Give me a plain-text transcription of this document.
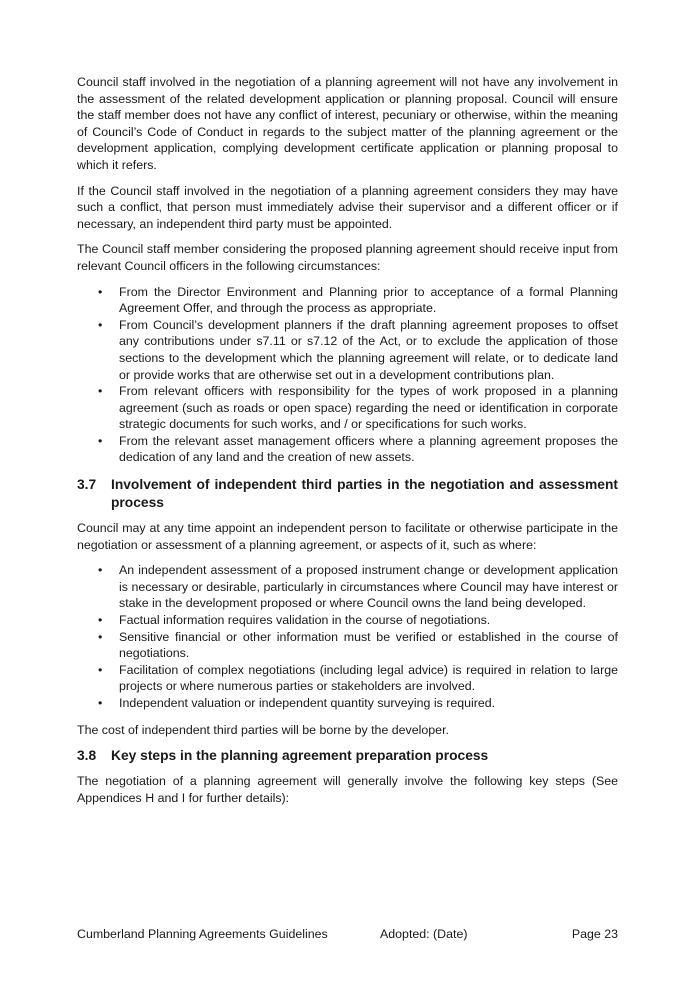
Council staff involved in the negotiation of a planning agreement will not have any involvement in the assessment of the related development application or planning proposal. Council will ensure the staff member does not have any conflict of interest, pecuniary or otherwise, within the meaning of Council’s Code of Conduct in regards to the subject matter of the planning agreement or the development application, complying development certificate application or planning proposal to which it refers.

If the Council staff involved in the negotiation of a planning agreement considers they may have such a conflict, that person must immediately advise their supervisor and a different officer or if necessary, an independent third party must be appointed.

The Council staff member considering the proposed planning agreement should receive input from relevant Council officers in the following circumstances:

• From the Director Environment and Planning prior to acceptance of a formal Planning Agreement Offer, and through the process as appropriate.
• From Council’s development planners if the draft planning agreement proposes to offset any contributions under s7.11 or s7.12 of the Act, or to exclude the application of those sections to the development which the planning agreement will relate, or to dedicate land or provide works that are otherwise set out in a development contributions plan.
• From relevant officers with responsibility for the types of work proposed in a planning agreement (such as roads or open space) regarding the need or identification in corporate strategic documents for such works, and / or specifications for such works.
• From the relevant asset management officers where a planning agreement proposes the dedication of any land and the creation of new assets.
3.7	Involvement of independent third parties in the negotiation and assessment process

Council may at any time appoint an independent person to facilitate or otherwise participate in the negotiation or assessment of a planning agreement, or aspects of it, such as where:

• An independent assessment of a proposed instrument change or development application is necessary or desirable, particularly in circumstances where Council may have interest or stake in the development proposed or where Council owns the land being developed.
• Factual information requires validation in the course of negotiations.
• Sensitive financial or other information must be verified or established in the course of negotiations.
• Facilitation of complex negotiations (including legal advice) is required in relation to large projects or where numerous parties or stakeholders are involved.
• Independent valuation or independent quantity surveying is required.

The cost of independent third parties will be borne by the developer.

3.8	Key steps in the planning agreement preparation process

The negotiation of a planning agreement will generally involve the following key steps (See Appendices H and I for further details):

Cumberland Planning Agreements Guidelines	Adopted: (Date)	Page 23
